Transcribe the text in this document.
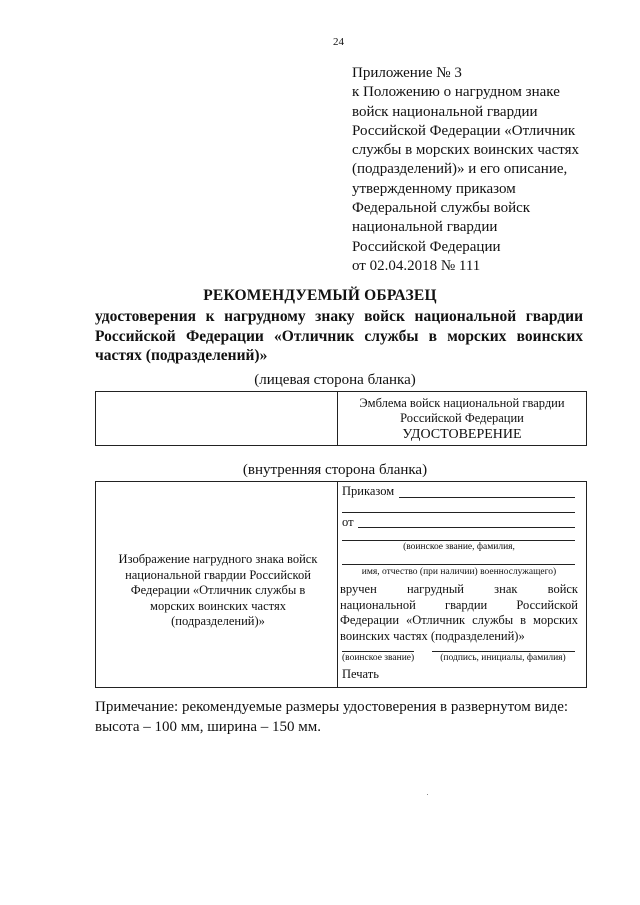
24
Приложение № 3
к Положению о нагрудном знаке
войск национальной гвардии
Российской Федерации «Отличник
службы в морских воинских частях
(подразделений)» и его описание,
утвержденному приказом
Федеральной службы войск
национальной гвардии
Российской Федерации
от 02.04.2018 № 111
РЕКОМЕНДУЕМЫЙ ОБРАЗЕЦ
удостоверения к нагрудному знаку войск национальной гвардии
Российской Федерации «Отличник службы в морских воинских
частях (подразделений)»
(лицевая сторона бланка)
Эмблема войск национальной гвардии
Российской Федерации
УДОСТОВЕРЕНИЕ
(внутренняя сторона бланка)
Изображение нагрудного знака войск
национальной гвардии Российской
Федерации «Отличник службы в
морских воинских частях
(подразделений)»
Приказом
от
(воинское звание, фамилия,
имя, отчество (при наличии) военнослужащего)
вручен нагрудный знак войск
национальной гвардии Российской
Федерации «Отличник службы в морских
воинских частях (подразделений)»
(воинское звание)	(подпись, инициалы, фамилия)
Печать
Примечание: рекомендуемые размеры удостоверения в развернутом виде:
высота – 100 мм, ширина – 150 мм.
